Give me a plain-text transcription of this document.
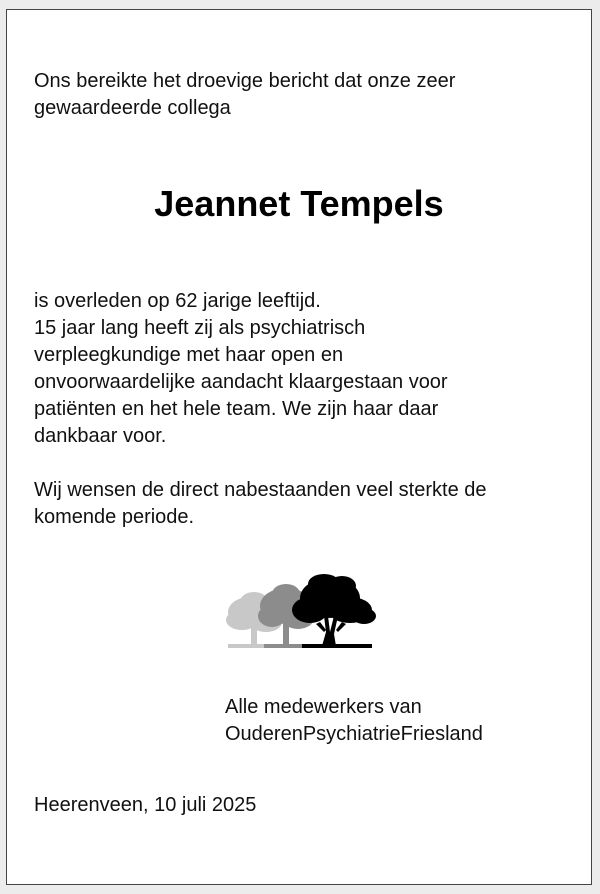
Ons bereikte het droevige bericht dat onze zeer
gewaardeerde collega

Jeannet Tempels

is overleden op 62 jarige leeftijd.
15 jaar lang heeft zij als psychiatrisch
verpleegkundige met haar open en
onvoorwaardelijke aandacht klaargestaan voor
patiënten en het hele team. We zijn haar daar
dankbaar voor.

Wij wensen de direct nabestaanden veel sterkte de
komende periode.

Alle medewerkers van
OuderenPsychiatrieFriesland

Heerenveen, 10 juli 2025
